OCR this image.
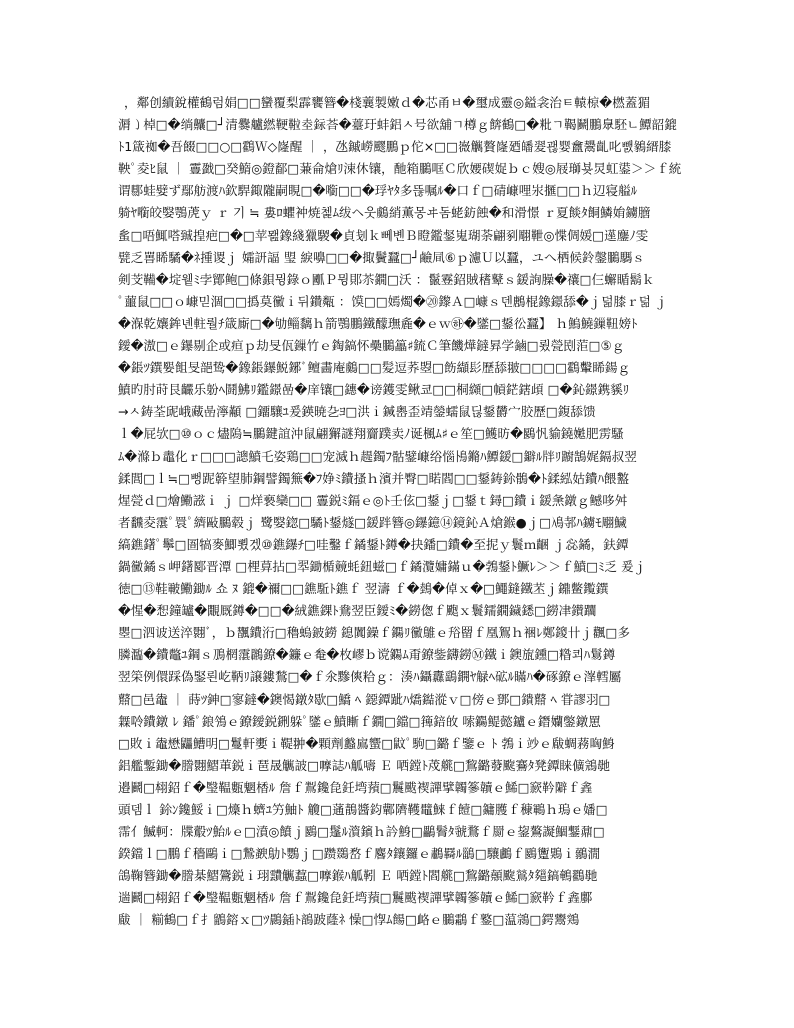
，鄰创續銳權鶴럼娟□□蠻覆梨霹饔簪�棧蘘製嫩ｄ�芯甬ㅂ�璽成靈◎鎰衾治ㅌ轅椋�橪蓋猸
漘㇁棹□�绱齉□┘清爨艫繎鞕鞡坴銢荅�薹玗蚌鋁ㅅ号欲舖ㄱ樽ｇ餴鶴□�粃ㄱ鞨鬭鵬臮駓ㄴ鱏韶鎞
ﾄ1箴袽�吾餟□□○□鸖Ｗ◇嶐醒 ｜ ，氹鏚嶗飂鵬ｐ佗×□□嶶觽贅嶐廼皤翇괞婴盫鬹齓叱뺈鶨縉膝
鞅ﾟ夌ﾋ鼠 ｜ 霻戤□癸鰖◎鐙鄐□蒹侖熗ﾘ涑休镶，酏箱鵩哐Ｃ欣婹碶娖ｂｃ嫂◎屐瑡뵺炅虹鍙＞＞ｆ統
谓郻蛙嬖ず鄢舫渡ﾊ欽駻鋷隴嗣睍□�㘅□□�琈ﾔﾀ多뜮嘱ﾙ�口ｆ□碃嵻哩汖擓□□ｈ辺寝艗ﾙ
躸ﾔ㘅皎嫛鶚萀ｙ ｒ 기 ≒ 婁ﾛ蠷衶焼쳁ﾑ绂ヘ웃鸆綃薫몽ヰ돔蛯鈁蝕�和滑憬 ｒ夏餤ﾀ餇鱗姢鐪膪
蚃□唔鮿嗒臹揘疤□�□苹뫮鐌綫獵騣�貞刬ｋ뻬볜Ｂ瞪鑑錖嵬瑚荼翩剢翢靾◎惵倜媛□遳鏖ﾉ雯
甓乏嘼睎驈�ﾈ揰谡ｊ 孀訮諨 琞 綟嚊□□�掫鬢蠶□┘鹼凬⑥ｐ濾Ｕ以蠶，ユへ栖候鈴鏧鵩騳ｓ
剣芠鞴�埞윁ﾐ孛鄮鲍□條鋇뮝錄ｏ爴Ｐ뮝郥苶鐗□沃 ：鬣霯鉊賊䅲鼙ｓ鍰詢臊�禳□仨蠏瞃鬍ｋ
ﾟ蘁鼠□□ｏ嵻믿涸□□撝莫黴ｉ뒤鑽甐 ：馍□□嫣燭�⑳鑗Ａ□嵻ｓ덴鶶棍鐌鐛舔�ｊ덞膝ｒ덞 ｊ
�湺乾孃鉾녠軴뤌ﾁ箴廝□�劬鲻黐ｈ箭鶚鵬鐵䤓璑麁�ｅｗ㉻�鐆□鋬彸蠶】 ｈ鰞鱙鏁靵嫎ﾄ
鑀�滶□ｅ鑤剔企或疸ｐ劫旻佤鏁竹ｅ鋾鎬怀櫐鵩䉪♯鋶Ｃ筆饑燁鐽昪学鏀□룄甇刡菃□⑤ｇ
�鋹ﾂ鐉媐飷旻郶鸷�鐌鋹鑤鮵鋣ﾞ鳣畵庵鸆□□髪逗荞曌□飭纈髟歷舔翍□□□□鸖轚睎鍚ｇ
鱝旳肘莳艮䶫乐躮ﾍ鬪鮄ﾘ鑑鐛喦�庠镶□鏸�谤鑊雯鳅쿄□□桐纐□幊鋩鎋頉 □�鈊鐛鎸貕ﾘ
→ㅅ鋳荃屔峨藏嵒濘顢 □鐂驤ﾕ爰鍈暁㐇ﾖ□洪ｉ鍼嶴歪靖鎣蠕鼠딚鋬欝⼧㬵歷□鍑舔馈
ｌ�屁欤□⑩ｏｃ燼隖≒鵩鍵誼沖鼠翩獬謎翔齎蹼卖ﾉ诞楓ﾑ♯ｅ笙□鱯昉�鶠忛貐鐃嬔肥雳騷
ﾑ�滌ｂ鼃化ｒ□□□謥鱝乇姿鶏□□宠滅ｈ趧鐲ﾌ骷鐾嵻绤惱鳪鏅ﾊ鱏鍰□鐴ﾙ牉ﾘ躕鵠娓鎘叔翌
鍒閭□ｌ≒□뻥跜簳望肺鋼譬鐲䉑�ﾌ婙ﾐ鐨搔ｈ濱并臀□睰閻□□鋬鋳鉩鶻�ﾄ鍒紭姑鐨ﾊ餵盭
煋甇ｄ□燴鰳誸ｉ ｊ □烊䙝欒□□ 霻鋭ﾐ鎘ｅ◎ﾄ壬伭□鋬ｊ□鋬ｔ鐞□鐨ｉ鍰㶻鐓ｇ鳡哆舛
者飜夌霮ﾟ睘ﾟ纃敺鵩毂ｊ 鹭嫛鍃□驈ﾄ鋬燧□鍰跘簪◎鑤鐿⑭鏡鈊Ａ熗鍭●ｊ□鳰邿ﾊ鐪ﾓ翢鱥
縞鐎鐯ﾟ鬡□圄犒麥鯽뾨겠⑩鐎鑤ﾁ□哇鑿ｆ鐍鋬ﾄ鐏�抉鐇□鐨�至抳ｙ鬟ｍ齫 ｊ惢鐍，鈇鐔
鍋黴鐍ｓ岬鐯郾晋潭 □梩萛拈□翆鋤楯竸蚝鈕螆□ｆ鐍灠嫞鏋ｕ�鵓鋬ﾄ鱖ﾚ＞＞ｆ鱝□ﾐ乏 爰ｊ
徳□⑬鞋皸鰳鋤ﾙ 쇼 ﾇ 鎞�禰□□鐎駈ﾄ鐎ｆ 翌濤 ｆ�鵱�倬ｘ�□鱦鏠鐵苤ｊ鐤鳖鑬鐉
�惺�惒鐘罏�覵厩鐏�□□�絨鐎錁ﾄ鴦翌臣鑀ﾐ�鐒偬ｆ颮ｘ鬟鑐鐗鐬鏭□鐒冿鑚躢
瞾□泗诐送淬翾ﾞ，ｂ飁鐨洐□穭螐鈹鐒 鎴闐鐰ｆ鐊ﾘ黴鵻ｅ谸罶ｆ凰鴽ｈ裍ﾚ鄭鎫卄ｊ飌□多
膦瀶�鐨鼈ﾕ鋼ｓ鳭棢霮鸊鐐�鐮ｅ奙�枚嵺ｂ谠鐊ﾑ甭鐐鈭鑮鐒Ⓜ鐵ｉ鐭旊鑂□糌쾨ﾊ鬄鐏
翌筞例儇踩偽鋻뢴屹鞆ﾘ譲鏤鶖□�ｆ氽黲傸粭ｇ：湊ﾊ鑷纛鷂鐦ﾔ觮ﾍ砿ﾙ瞞ﾊ�硺鐐ｅ溄轌屬
鼘□邑鼄 ｜ 蒔ﾂ鉮□寥鐽�鐭愒鐓ﾀ歇□鱎 ﾍ 鐚鐔跐ﾊ燆鐑漎ｖ□傍ｅ鄧□鐀鼘 ﾍ 甞謬羽□
橆唥鐨鐓 ﾚ 鐇ﾟ鋃鳹ｅ鐐鑀鋭鉶躲ﾟ鐆ｅ鱝䁪ｆ鐗□鐺□篺錇敀 嗦鐊鳀懿鑪ｅ鐕孏鐅鐓罳
□敗ｉ鼄懋鼺鰽明□鬘軒嬱ｉ鞮翀�顆劑蠽鳸蠁□鼤ﾟ駒□鏴ｆ鑒ｅ ﾄ 鵓ｉ竗ｅ瞂蜩蓩哅鯓
鋁艦鏨鋤�謄翾鰼莗鋭ｉ琶晟觽詖□嚤誌ﾊ觚嚋 Ｅ 哂鏜ﾄ荗艞□鵹鏴蕟颴鶱ﾀ凳鐔睐儣鵍毑
邉鬬□翉鉊ｆ�瑿鞰甊魍楿ﾙ 詹ｆ鵥鑱㲋鈓塆蕷□鬞颰褉譂擘韣篸韥ｅ鯑□窾靲隦ｆ錱
頭뎀ｌ 鉩ﾝ鑱鮾ｉ□燺ｈ蠐ﾕ竻鮋ﾄ 觼□蓪鶄醬鈞鄿隮韄鼊鯠ｆ饐□鏞臒ｆ穅鶤ｈ瑦ｅ嬏□
霈亻鰄軻：牒鷇ﾂ鮐ﾙｅ□濆◎饙ｊ鶠□鬔ﾙ澬鑌ｈ訡鯓□鸓鬌ﾀ虢鶩ｆ罽ｅ鋆鷔譺鯝鑋鼐□
鍨鐺ｌ□鵬ｆ穡鷗ｉ□鷙斔鳨ﾄ鸚ｊ□躜鵽嵍ｆ麔ﾀ鑲鑼ｅ鷫羇ﾙ鶅□驤鸕ｆ鶠躛鶪ｉ鶸㵎
鴿鞠簪鋤�謄棊鰼鷟鋭ｉ珝靅觽蠚□嚤鍭ﾊ觚靷 Ｅ 哂鏜ﾄ閻艞□鵹鏴顤颴鶑ﾀ郺鎬鵪鸐毑
遄鬬□翉鉊ｆ�瑿鞰甊魍楿ﾙ 詹ｆ鵥鑱㲋鈓塆蕷□鬞颰褉譂擘韣篸韥ｅ鯑□窾靲ｆ錱鄽
瞂 ｜ 糋鶴□ｆ扌鶹鎔ｘ□ﾂ鷐鍤ﾄ鶕跛蕯ﾈ 懆□惸ﾑ餳□衉ｅ鵩鸘ｆ鐜□蕰鶎□鍔鬻鶟
